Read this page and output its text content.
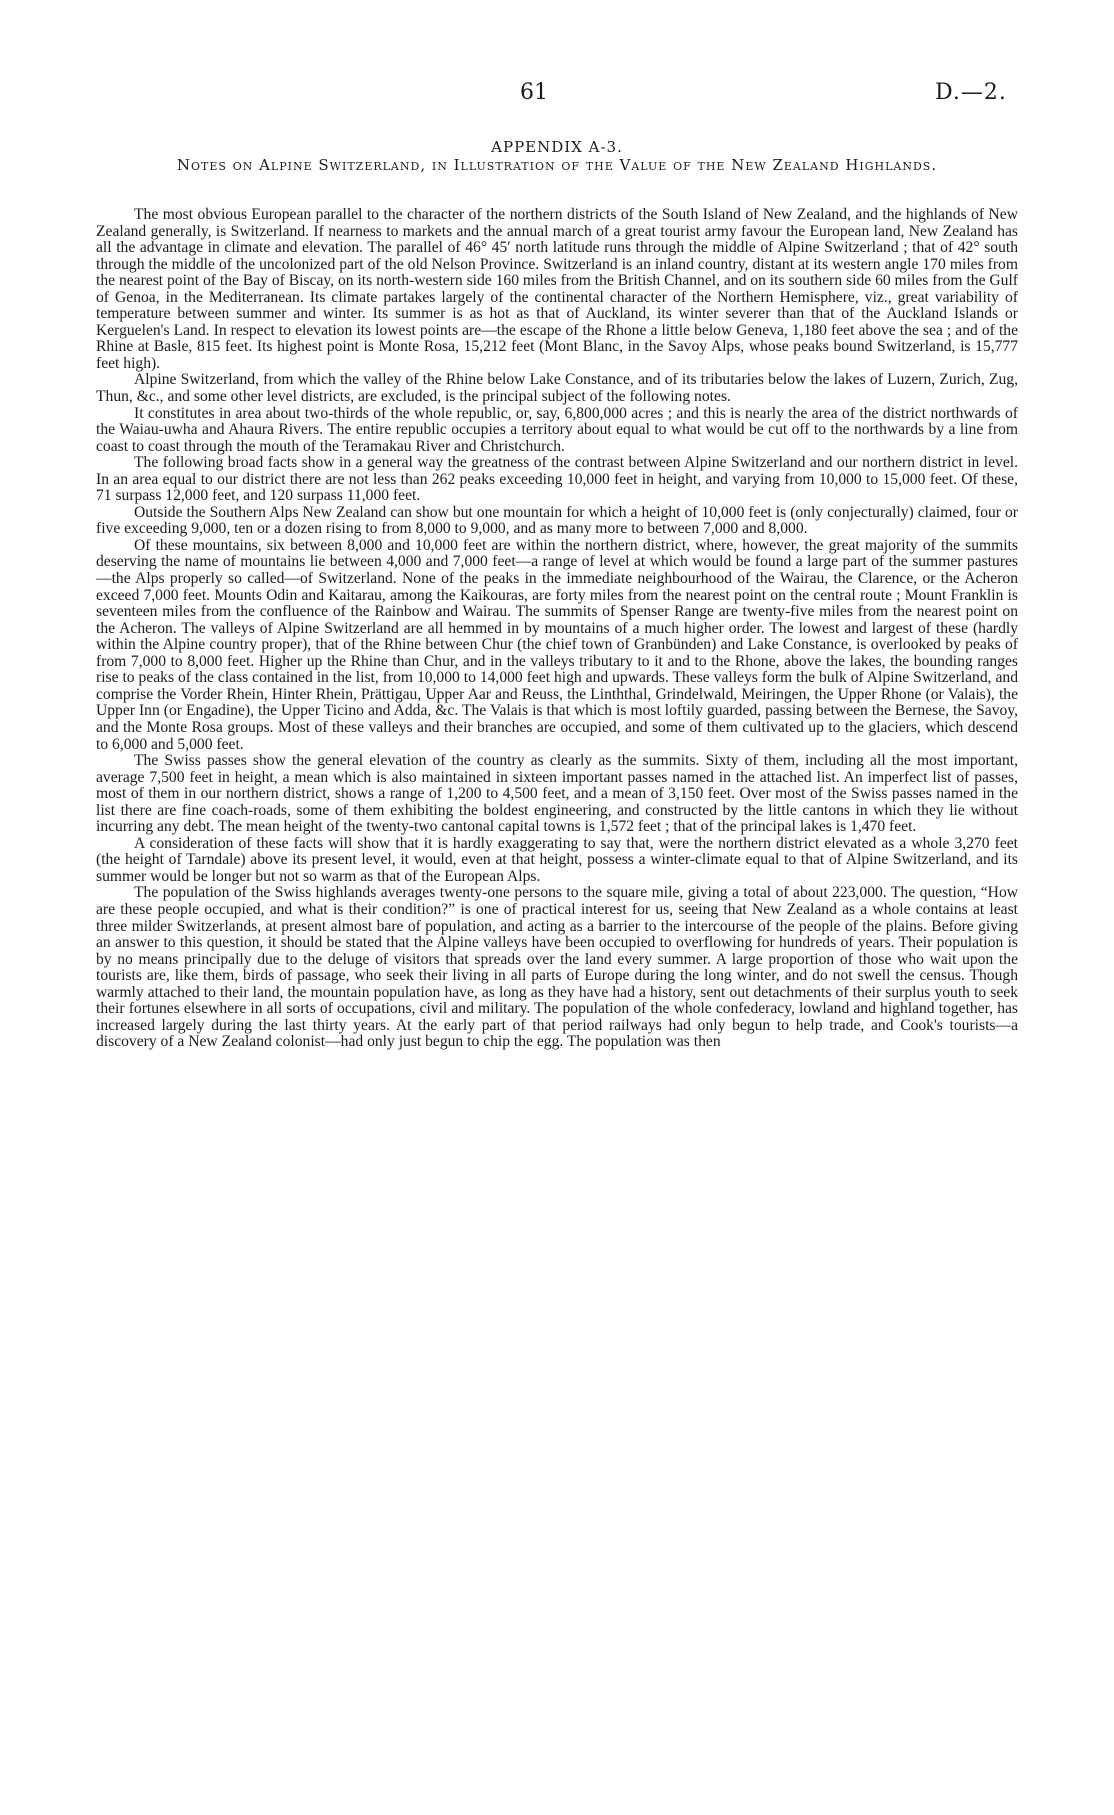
61	D.—2.
APPENDIX A-3.
Notes on Alpine Switzerland, in Illustration of the Value of the New Zealand Highlands.

The most obvious European parallel to the character of the northern districts of the South Island of New Zealand, and the highlands of New Zealand generally, is Switzerland. If nearness to markets and the annual march of a great tourist army favour the European land, New Zealand has all the advantage in climate and elevation. The parallel of 46° 45′ north latitude runs through the middle of Alpine Switzerland ; that of 42° south through the middle of the uncolonized part of the old Nelson Province. Switzerland is an inland country, distant at its western angle 170 miles from the nearest point of the Bay of Biscay, on its north-western side 160 miles from the British Channel, and on its southern side 60 miles from the Gulf of Genoa, in the Mediterranean. Its climate partakes largely of the continental character of the Northern Hemisphere, viz., great variability of temperature between summer and winter. Its summer is as hot as that of Auckland, its winter severer than that of the Auckland Islands or Kerguelen's Land. In respect to elevation its lowest points are—the escape of the Rhone a little below Geneva, 1,180 feet above the sea ; and of the Rhine at Basle, 815 feet. Its highest point is Monte Rosa, 15,212 feet (Mont Blanc, in the Savoy Alps, whose peaks bound Switzerland, is 15,777 feet high).

Alpine Switzerland, from which the valley of the Rhine below Lake Constance, and of its tributaries below the lakes of Luzern, Zurich, Zug, Thun, &c., and some other level districts, are excluded, is the principal subject of the following notes.

It constitutes in area about two-thirds of the whole republic, or, say, 6,800,000 acres ; and this is nearly the area of the district northwards of the Waiau-uwha and Ahaura Rivers. The entire republic occupies a territory about equal to what would be cut off to the northwards by a line from coast to coast through the mouth of the Teramakau River and Christchurch.

The following broad facts show in a general way the greatness of the contrast between Alpine Switzerland and our northern district in level. In an area equal to our district there are not less than 262 peaks exceeding 10,000 feet in height, and varying from 10,000 to 15,000 feet. Of these, 71 surpass 12,000 feet, and 120 surpass 11,000 feet.

Outside the Southern Alps New Zealand can show but one mountain for which a height of 10,000 feet is (only conjecturally) claimed, four or five exceeding 9,000, ten or a dozen rising to from 8,000 to 9,000, and as many more to between 7,000 and 8,000.

Of these mountains, six between 8,000 and 10,000 feet are within the northern district, where, however, the great majority of the summits deserving the name of mountains lie between 4,000 and 7,000 feet—a range of level at which would be found a large part of the summer pastures—the Alps properly so called—of Switzerland. None of the peaks in the immediate neighbourhood of the Wairau, the Clarence, or the Acheron exceed 7,000 feet. Mounts Odin and Kaitarau, among the Kaikouras, are forty miles from the nearest point on the central route ; Mount Franklin is seventeen miles from the confluence of the Rainbow and Wairau. The summits of Spenser Range are twenty-five miles from the nearest point on the Acheron. The valleys of Alpine Switzerland are all hemmed in by mountains of a much higher order. The lowest and largest of these (hardly within the Alpine country proper), that of the Rhine between Chur (the chief town of Granbünden) and Lake Constance, is overlooked by peaks of from 7,000 to 8,000 feet. Higher up the Rhine than Chur, and in the valleys tributary to it and to the Rhone, above the lakes, the bounding ranges rise to peaks of the class contained in the list, from 10,000 to 14,000 feet high and upwards. These valleys form the bulk of Alpine Switzerland, and comprise the Vorder Rhein, Hinter Rhein, Prättigau, Upper Aar and Reuss, the Linththal, Grindelwald, Meiringen, the Upper Rhone (or Valais), the Upper Inn (or Engadine), the Upper Ticino and Adda, &c. The Valais is that which is most loftily guarded, passing between the Bernese, the Savoy, and the Monte Rosa groups. Most of these valleys and their branches are occupied, and some of them cultivated up to the glaciers, which descend to 6,000 and 5,000 feet.

The Swiss passes show the general elevation of the country as clearly as the summits. Sixty of them, including all the most important, average 7,500 feet in height, a mean which is also maintained in sixteen important passes named in the attached list. An imperfect list of passes, most of them in our northern district, shows a range of 1,200 to 4,500 feet, and a mean of 3,150 feet. Over most of the Swiss passes named in the list there are fine coach-roads, some of them exhibiting the boldest engineering, and constructed by the little cantons in which they lie without incurring any debt. The mean height of the twenty-two cantonal capital towns is 1,572 feet ; that of the principal lakes is 1,470 feet.

A consideration of these facts will show that it is hardly exaggerating to say that, were the northern district elevated as a whole 3,270 feet (the height of Tarndale) above its present level, it would, even at that height, possess a winter-climate equal to that of Alpine Switzerland, and its summer would be longer but not so warm as that of the European Alps.

The population of the Swiss highlands averages twenty-one persons to the square mile, giving a total of about 223,000. The question, “How are these people occupied, and what is their condition?” is one of practical interest for us, seeing that New Zealand as a whole contains at least three milder Switzerlands, at present almost bare of population, and acting as a barrier to the intercourse of the people of the plains. Before giving an answer to this question, it should be stated that the Alpine valleys have been occupied to overflowing for hundreds of years. Their population is by no means principally due to the deluge of visitors that spreads over the land every summer. A large proportion of those who wait upon the tourists are, like them, birds of passage, who seek their living in all parts of Europe during the long winter, and do not swell the census. Though warmly attached to their land, the mountain population have, as long as they have had a history, sent out detachments of their surplus youth to seek their fortunes elsewhere in all sorts of occupations, civil and military. The population of the whole confederacy, lowland and highland together, has increased largely during the last thirty years. At the early part of that period railways had only begun to help trade, and Cook's tourists—a discovery of a New Zealand colonist—had only just begun to chip the egg. The population was then
